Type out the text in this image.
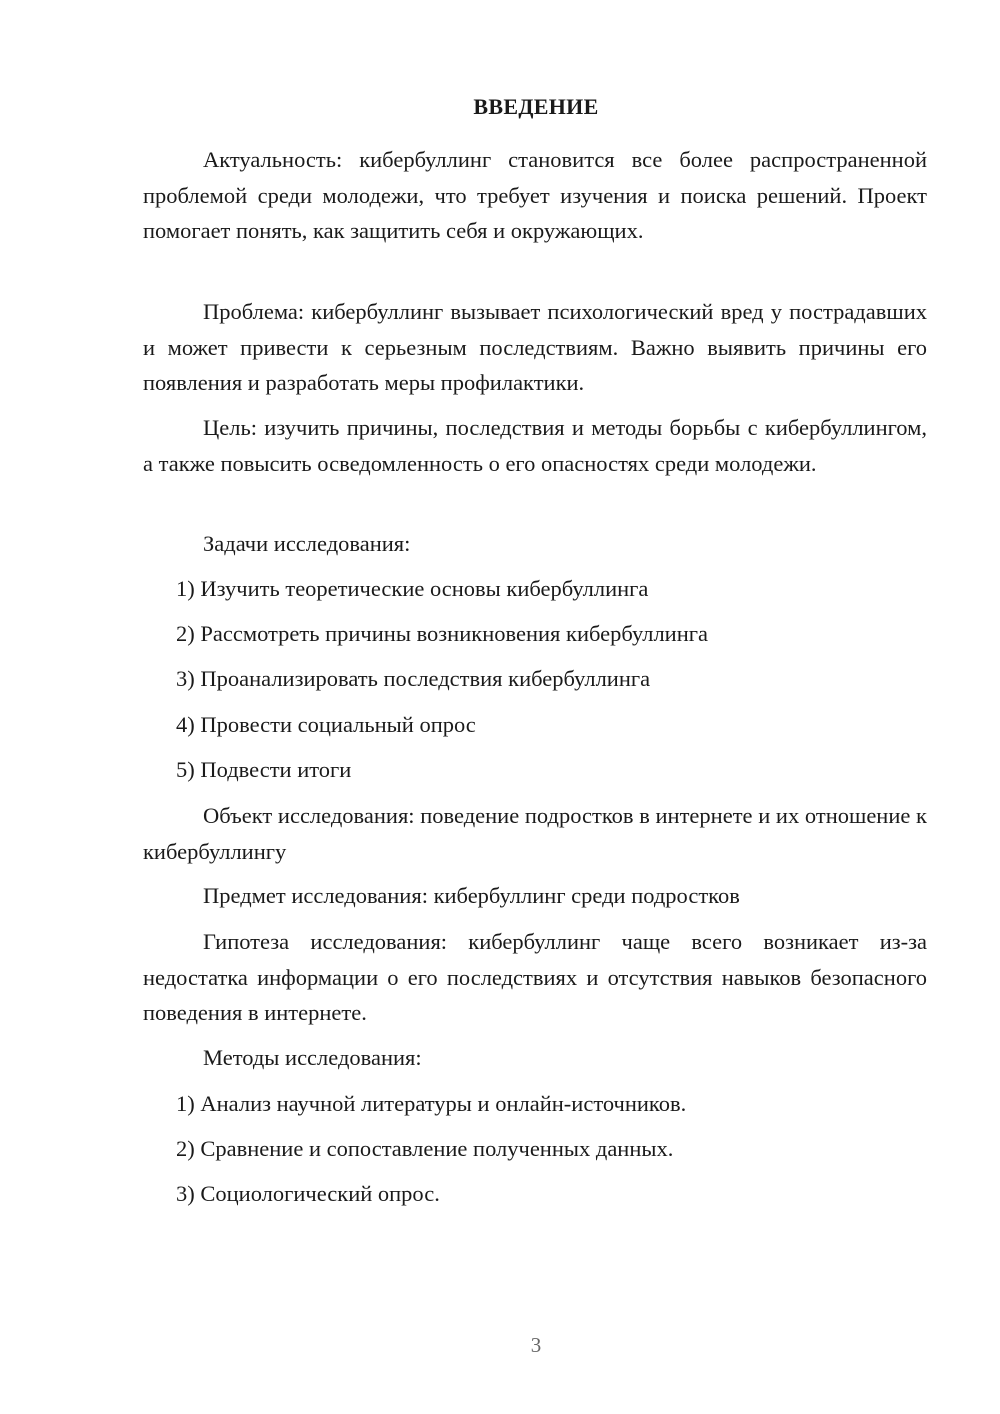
ВВЕДЕНИЕ

Актуальность: кибербуллинг становится все более распространенной проблемой среди молодежи, что требует изучения и поиска решений. Проект помогает понять, как защитить себя и окружающих.

Проблема: кибербуллинг вызывает психологический вред у пострадавших и может привести к серьезным последствиям. Важно выявить причины его появления и разработать меры профилактики.

Цель: изучить причины, последствия и методы борьбы с кибербуллингом, а также повысить осведомленность о его опасностях среди молодежи.

Задачи исследования:

1) Изучить теоретические основы кибербуллинга

2) Рассмотреть причины возникновения кибербуллинга

3) Проанализировать последствия кибербуллинга

4) Провести социальный опрос

5) Подвести итоги

Объект исследования: поведение подростков в интернете и их отношение к кибербуллингу

Предмет исследования: кибербуллинг среди подростков

Гипотеза исследования: кибербуллинг чаще всего возникает из-за недостатка информации о его последствиях и отсутствия навыков безопасного поведения в интернете.

Методы исследования:

1) Анализ научной литературы и онлайн-источников.

2) Сравнение и сопоставление полученных данных.

3) Социологический опрос.

3
